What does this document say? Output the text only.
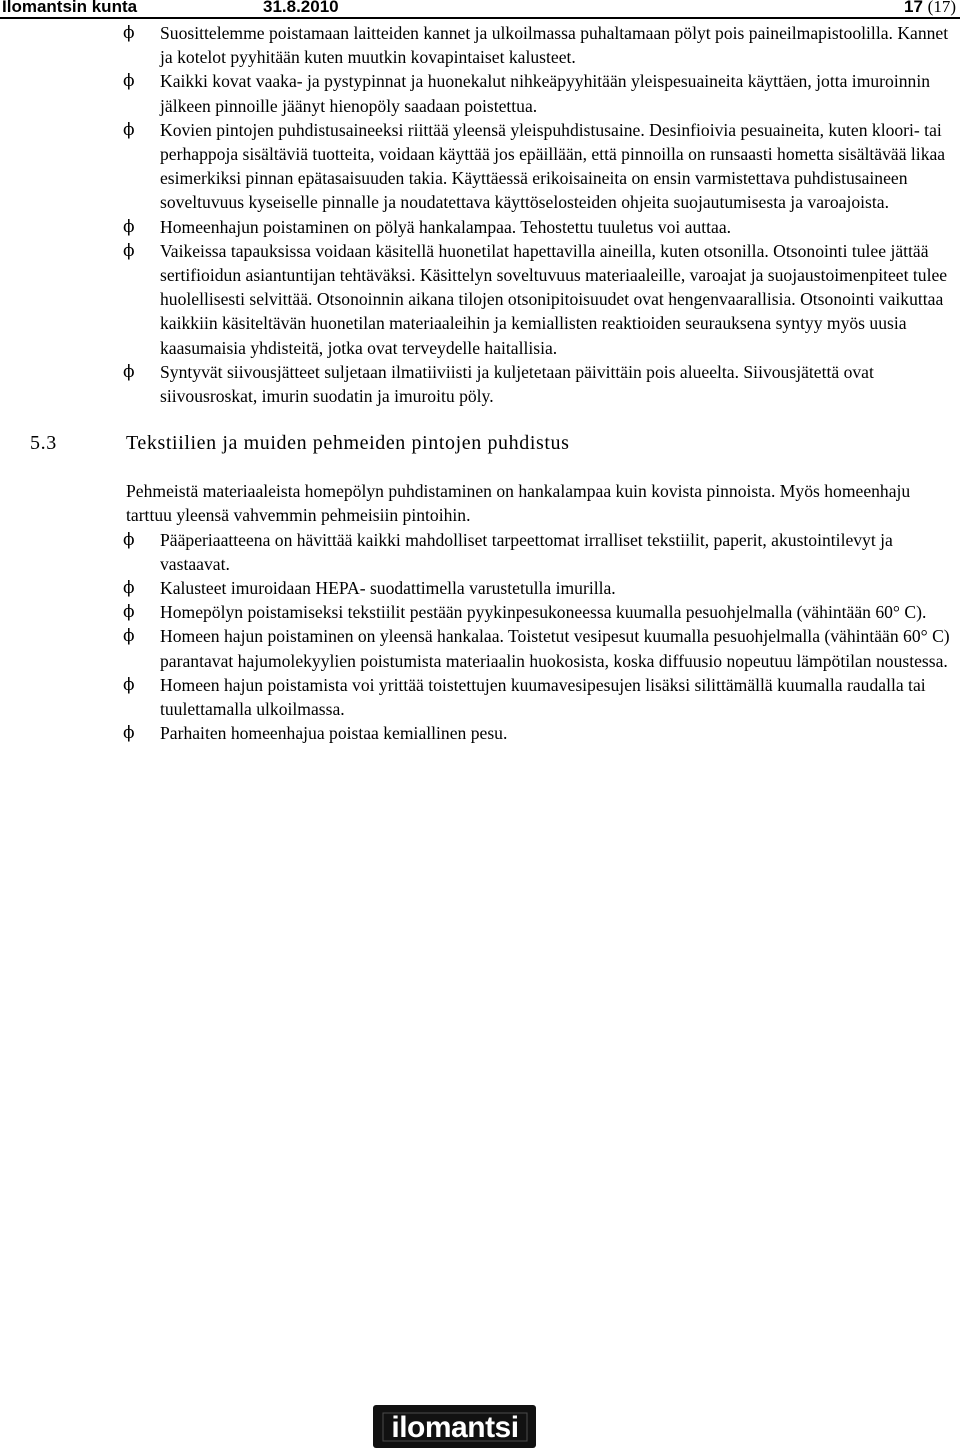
Ilomantsin kunta	31.8.2010	17 (17)
ϕ Suosittelemme poistamaan laitteiden kannet ja ulkoilmassa puhaltamaan pölyt pois paineilmapistoolilla. Kannet ja kotelot pyyhitään kuten muutkin kovapintaiset kalusteet.
ϕ Kaikki kovat vaaka- ja pystypinnat ja huonekalut nihkeäpyyhitään yleispesuaineita käyttäen, jotta imuroinnin jälkeen pinnoille jäänyt hienopöly saadaan poistettua.
ϕ Kovien pintojen puhdistusaineeksi riittää yleensä yleispuhdistusaine. Desinfioivia pesuaineita, kuten kloori- tai perhappoja sisältäviä tuotteita, voidaan käyttää jos epäillään, että pinnoilla on runsaasti hometta sisältävää likaa esimerkiksi pinnan epätasaisuuden takia. Käyttäessä erikoisaineita on ensin varmistettava puhdistusaineen soveltuvuus kyseiselle pinnalle ja noudatettava käyttöselosteiden ohjeita suojautumisesta ja varoajoista.
ϕ Homeenhajun poistaminen on pölyä hankalampaa. Tehostettu tuuletus voi auttaa.
ϕ Vaikeissa tapauksissa voidaan käsitellä huonetilat hapettavilla aineilla, kuten otsonilla. Otsonointi tulee jättää sertifioidun asiantuntijan tehtäväksi. Käsittelyn soveltuvuus materiaaleille, varoajat ja suojaustoimenpiteet tulee huolellisesti selvittää. Otsonoinnin aikana tilojen otsonipitoisuudet ovat hengenvaarallisia. Otsonointi vaikuttaa kaikkiin käsiteltävän huonetilan materiaaleihin ja kemiallisten reaktioiden seurauksena syntyy myös uusia kaasumaisia yhdisteitä, jotka ovat terveydelle haitallisia.
ϕ Syntyvät siivousjätteet suljetaan ilmatiiviisti ja kuljetetaan päivittäin pois alueelta. Siivousjätettä ovat siivousroskat, imurin suodatin ja imuroitu pöly.
5.3	Tekstiilien ja muiden pehmeiden pintojen puhdistus

Pehmeistä materiaaleista homepölyn puhdistaminen on hankalampaa kuin kovista pinnoista. Myös homeenhaju tarttuu yleensä vahvemmin pehmeisiin pintoihin.

ϕ Pääperiaatteena on hävittää kaikki mahdolliset tarpeettomat irralliset tekstiilit, paperit, akustointilevyt ja vastaavat.
ϕ Kalusteet imuroidaan HEPA- suodattimella varustetulla imurilla.
ϕ Homepölyn poistamiseksi tekstiilit pestään pyykinpesukoneessa kuumalla pesuohjelmalla (vähintään 60° C).
ϕ Homeen hajun poistaminen on yleensä hankalaa. Toistetut vesipesut kuumalla pesuohjelmalla (vähintään 60° C) parantavat hajumolekyylien poistumista materiaalin huokosista, koska diffuusio nopeutuu lämpötilan noustessa.
ϕ Homeen hajun poistamista voi yrittää toistettujen kuumavesipesujen lisäksi silittämällä kuumalla raudalla tai tuulettamalla ulkoilmassa.
ϕ Parhaiten homeenhajua poistaa kemiallinen pesu.
ilomantsi
